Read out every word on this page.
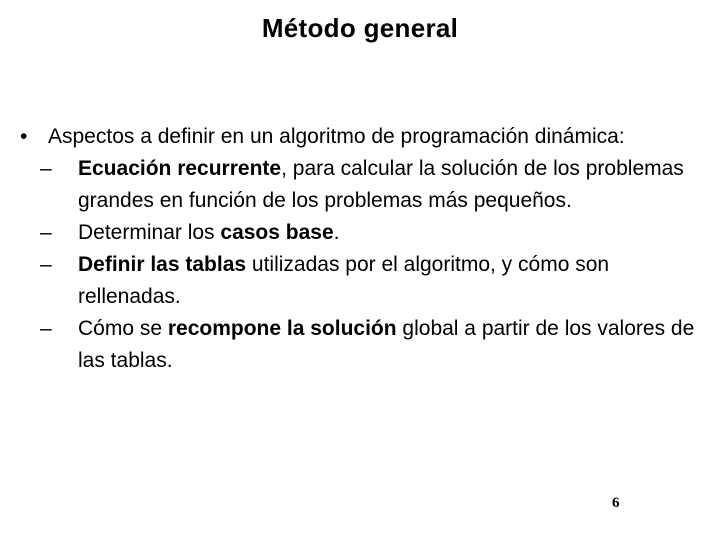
Método general
• Aspectos a definir en un algoritmo de programación dinámica:
–	Ecuación recurrente, para calcular la solución de los problemas grandes en función de los problemas más pequeños.
–	Determinar los casos base.
–	Definir las tablas utilizadas por el algoritmo, y cómo son rellenadas.
–	Cómo se recompone la solución global a partir de los valores de las tablas.
6
